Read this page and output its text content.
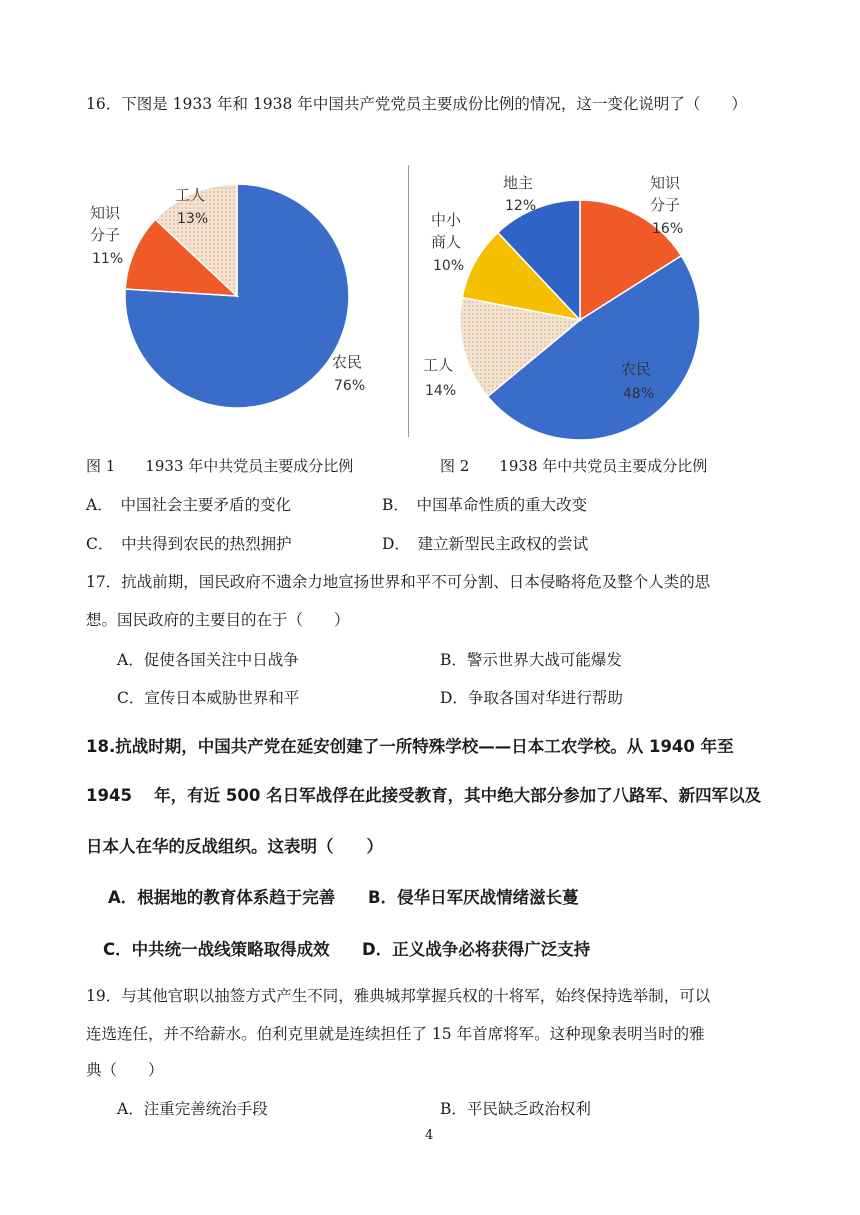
16．下图是 1933 年和 1938 年中国共产党党员主要成份比例的情况，这一变化说明了（　　）
工人
13%
知识
分子
11%
农民
76%
地主
12%
中小
商人
10%
知识
分子
16%
工人
14%
农民
48%
图 1　　1933 年中共党员主要成分比例	图 2　　1938 年中共党员主要成分比例
A．　中国社会主要矛盾的变化	B．　中国革命性质的重大改变
C．　中共得到农民的热烈拥护	D．　建立新型民主政权的尝试
17．抗战前期，国民政府不遗余力地宣扬世界和平不可分割、日本侵略将危及整个人类的思
想。国民政府的主要目的在于（　　）
A．促使各国关注中日战争	B．警示世界大战可能爆发
C．宣传日本威胁世界和平	D．争取各国对华进行帮助
18.抗战时期，中国共产党在延安创建了一所特殊学校——日本工农学校。从 1940 年至
1945　 年，有近 500 名日军战俘在此接受教育，其中绝大部分参加了八路军、新四军以及
日本人在华的反战组织。这表明（　　）
A．根据地的教育体系趋于完善 B．侵华日军厌战情绪滋长蔓
C．中共统一战线策略取得成效 D．正义战争必将获得广泛支持
19．与其他官职以抽签方式产生不同，雅典城邦掌握兵权的十将军，始终保持选举制，可以
连选连任，并不给薪水。伯利克里就是连续担任了 15 年首席将军。这种现象表明当时的雅
典（　　）
A．注重完善统治手段	B．平民缺乏政治权利
4
